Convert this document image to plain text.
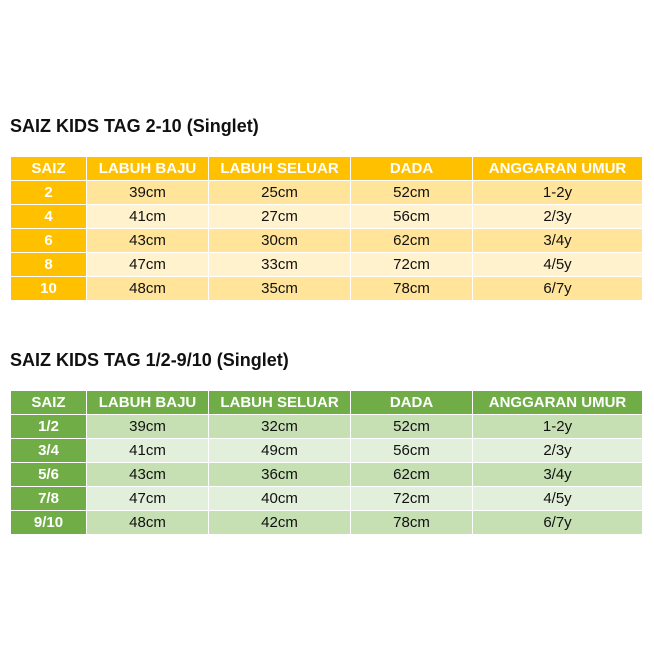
SAIZ KIDS TAG 2-10 (Singlet)
SAIZ	LABUH BAJU	LABUH SELUAR	DADA	ANGGARAN UMUR
2	39cm	25cm	52cm	1-2y
4	41cm	27cm	56cm	2/3y
6	43cm	30cm	62cm	3/4y
8	47cm	33cm	72cm	4/5y
10	48cm	35cm	78cm	6/7y
SAIZ KIDS TAG 1/2-9/10 (Singlet)
SAIZ	LABUH BAJU	LABUH SELUAR	DADA	ANGGARAN UMUR
1/2	39cm	32cm	52cm	1-2y
3/4	41cm	49cm	56cm	2/3y
5/6	43cm	36cm	62cm	3/4y
7/8	47cm	40cm	72cm	4/5y
9/10	48cm	42cm	78cm	6/7y
